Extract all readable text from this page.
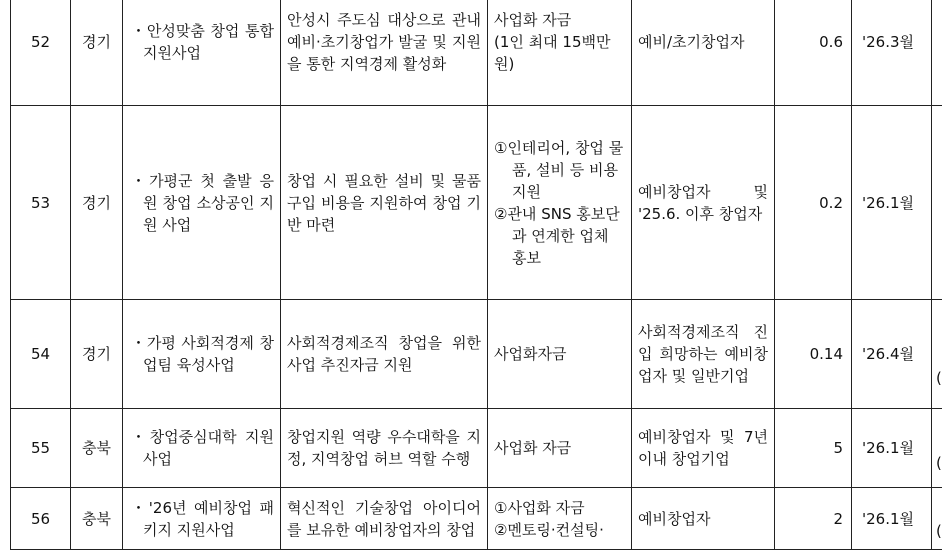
52	경기	・안성맞춤 창업 통합지원사업	안성시 주도심 대상으로 관내 예비·초기창업가 발굴 및 지원을 통한 지역경제 활성화	사업화 자금
(1인 최대 15백만원)	예비/초기창업자	0.6	'26.3월	

53	경기	・가평군 첫 출발 응원 창업 소상공인 지원 사업	창업 시 필요한 설비 및 물품 구입 비용을 지원하여 창업 기반 마련	①인테리어, 창업 물품, 설비 등 비용 지원
②관내 SNS 홍보단과 연계한 업체 홍보	예비창업자 및 '25.6. 이후 창업자	0.2	'26.1월	

54	경기	・가평 사회적경제 창업팀 육성사업	사회적경제조직 창업을 위한 사업 추진자금 지원	사업화자금	사회적경제조직 진입 희망하는 예비창업자 및 일반기업	0.14	'26.4월	(

55	충북	・창업중심대학 지원사업	창업지원 역량 우수대학을 지정, 지역창업 허브 역할 수행	사업화 자금	예비창업자 및 7년 이내 창업기업	5	'26.1월	(

56	충북	・'26년 예비창업 패키지 지원사업	혁신적인 기술창업 아이디어를 보유한 예비창업자의 창업	①사업화 자금
②멘토링·컨설팅·	예비창업자	2	'26.1월	(
